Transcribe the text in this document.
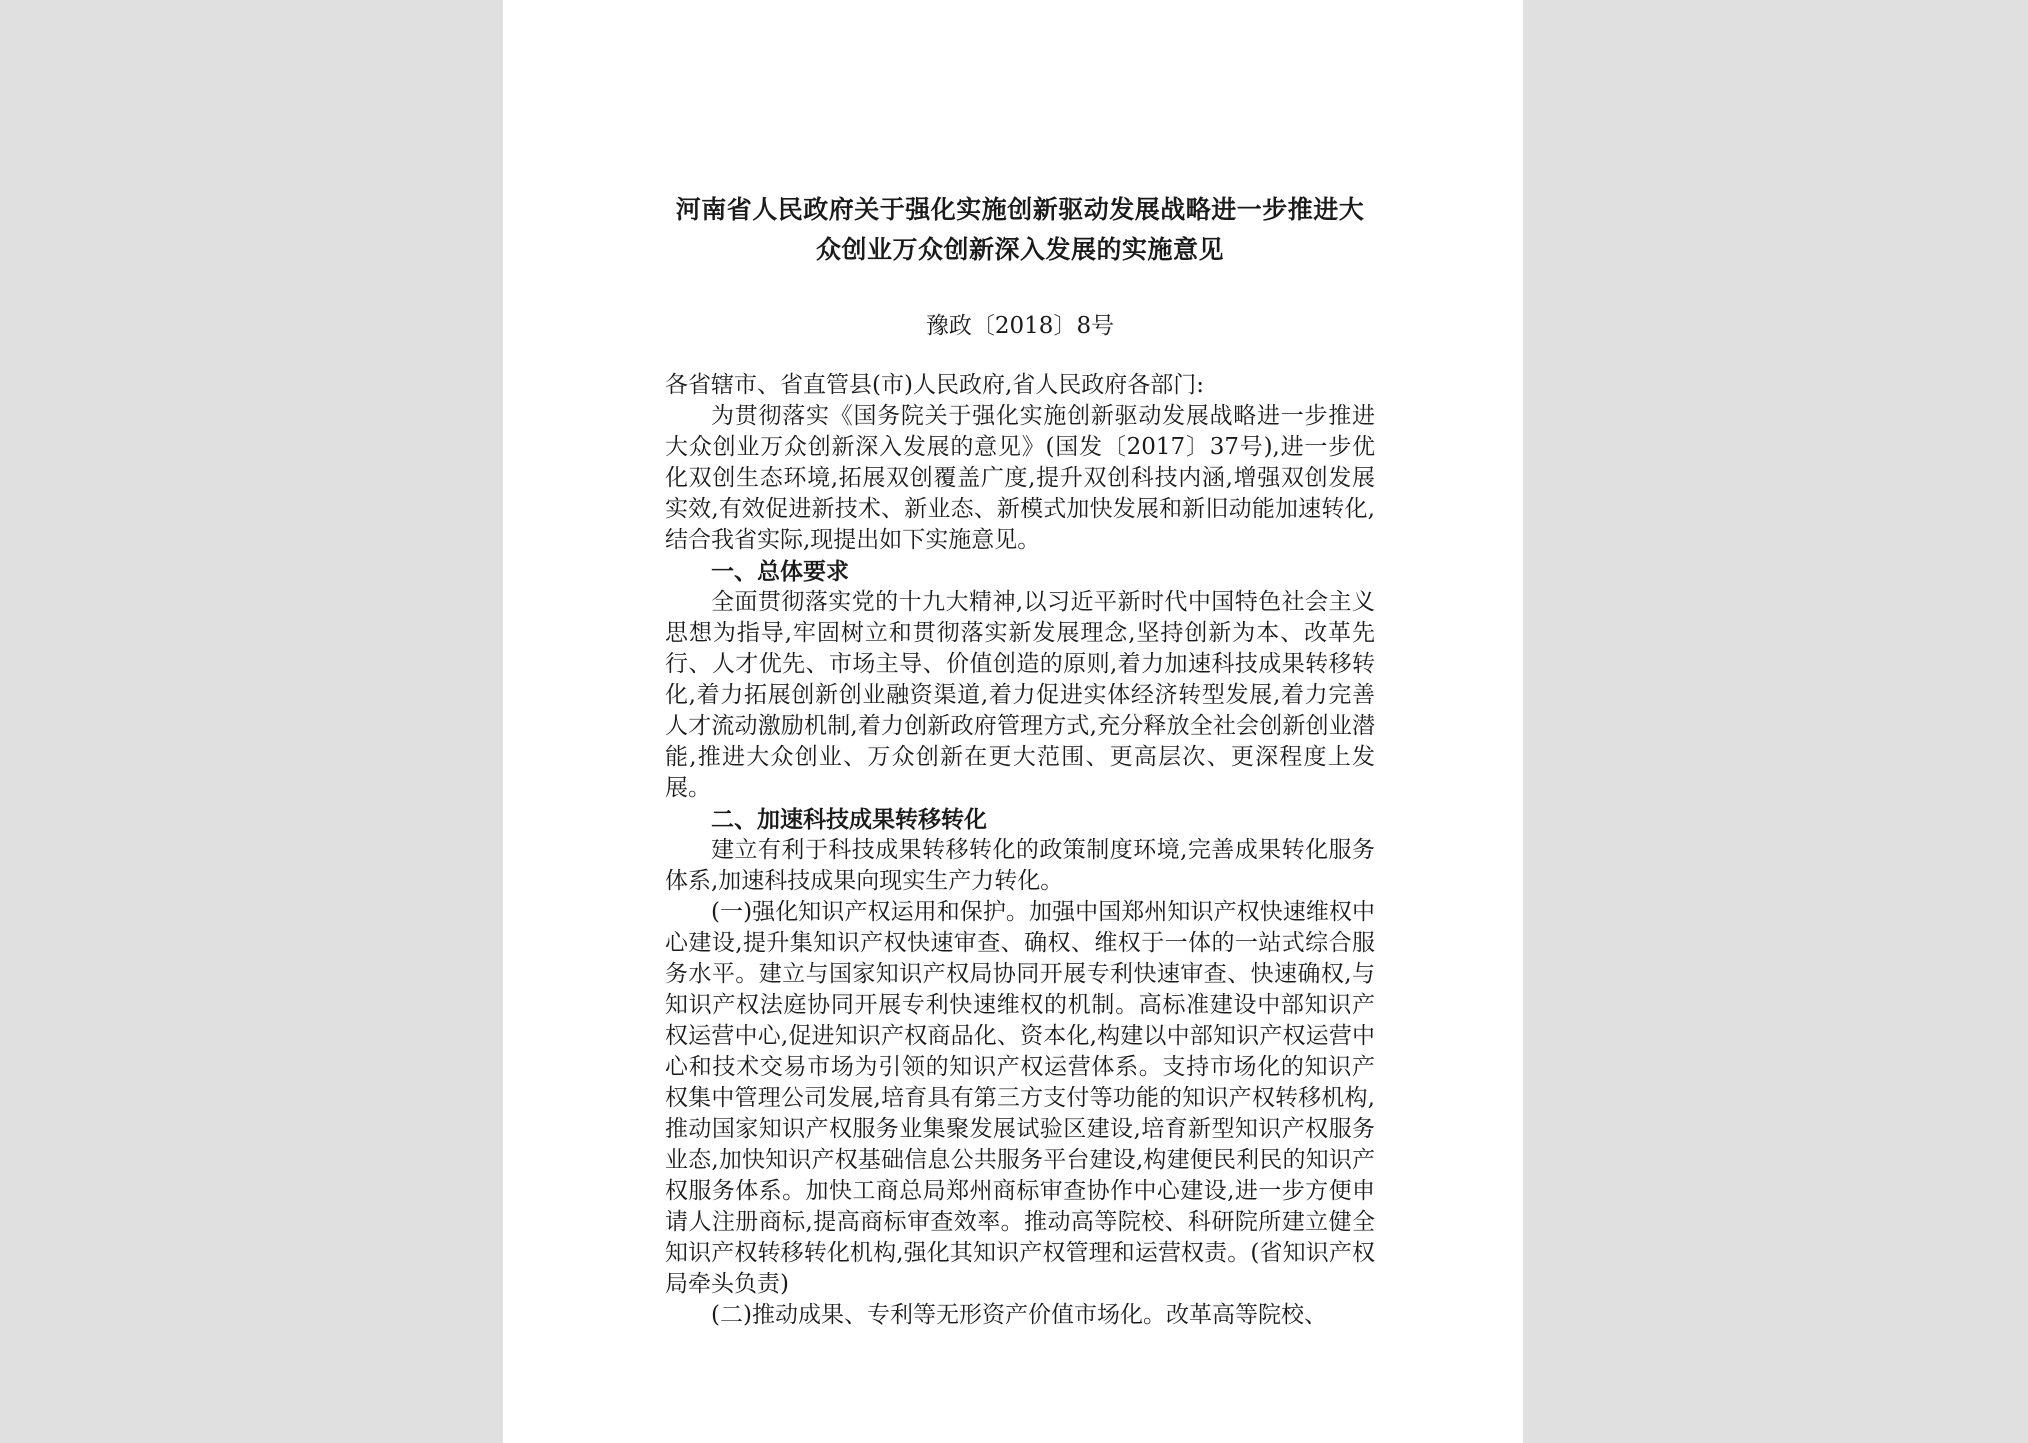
河南省人民政府关于强化实施创新驱动发展战略进一步推进大众创业万众创新深入发展的实施意见
豫政〔2018〕8号
各省辖市、省直管县(市)人民政府,省人民政府各部门:

为贯彻落实《国务院关于强化实施创新驱动发展战略进一步推进大众创业万众创新深入发展的意见》(国发〔2017〕37号),进一步优化双创生态环境,拓展双创覆盖广度,提升双创科技内涵,增强双创发展实效,有效促进新技术、新业态、新模式加快发展和新旧动能加速转化,结合我省实际,现提出如下实施意见。

一、总体要求

全面贯彻落实党的十九大精神,以习近平新时代中国特色社会主义思想为指导,牢固树立和贯彻落实新发展理念,坚持创新为本、改革先行、人才优先、市场主导、价值创造的原则,着力加速科技成果转移转化,着力拓展创新创业融资渠道,着力促进实体经济转型发展,着力完善人才流动激励机制,着力创新政府管理方式,充分释放全社会创新创业潜能,推进大众创业、万众创新在更大范围、更高层次、更深程度上发展。

二、加速科技成果转移转化

建立有利于科技成果转移转化的政策制度环境,完善成果转化服务体系,加速科技成果向现实生产力转化。

(一)强化知识产权运用和保护。加强中国郑州知识产权快速维权中心建设,提升集知识产权快速审查、确权、维权于一体的一站式综合服务水平。建立与国家知识产权局协同开展专利快速审查、快速确权,与知识产权法庭协同开展专利快速维权的机制。高标准建设中部知识产权运营中心,促进知识产权商品化、资本化,构建以中部知识产权运营中心和技术交易市场为引领的知识产权运营体系。支持市场化的知识产权集中管理公司发展,培育具有第三方支付等功能的知识产权转移机构,推动国家知识产权服务业集聚发展试验区建设,培育新型知识产权服务业态,加快知识产权基础信息公共服务平台建设,构建便民利民的知识产权服务体系。加快工商总局郑州商标审查协作中心建设,进一步方便申请人注册商标,提高商标审查效率。推动高等院校、科研院所建立健全知识产权转移转化机构,强化其知识产权管理和运营权责。(省知识产权局牵头负责)

(二)推动成果、专利等无形资产价值市场化。改革高等院校、
